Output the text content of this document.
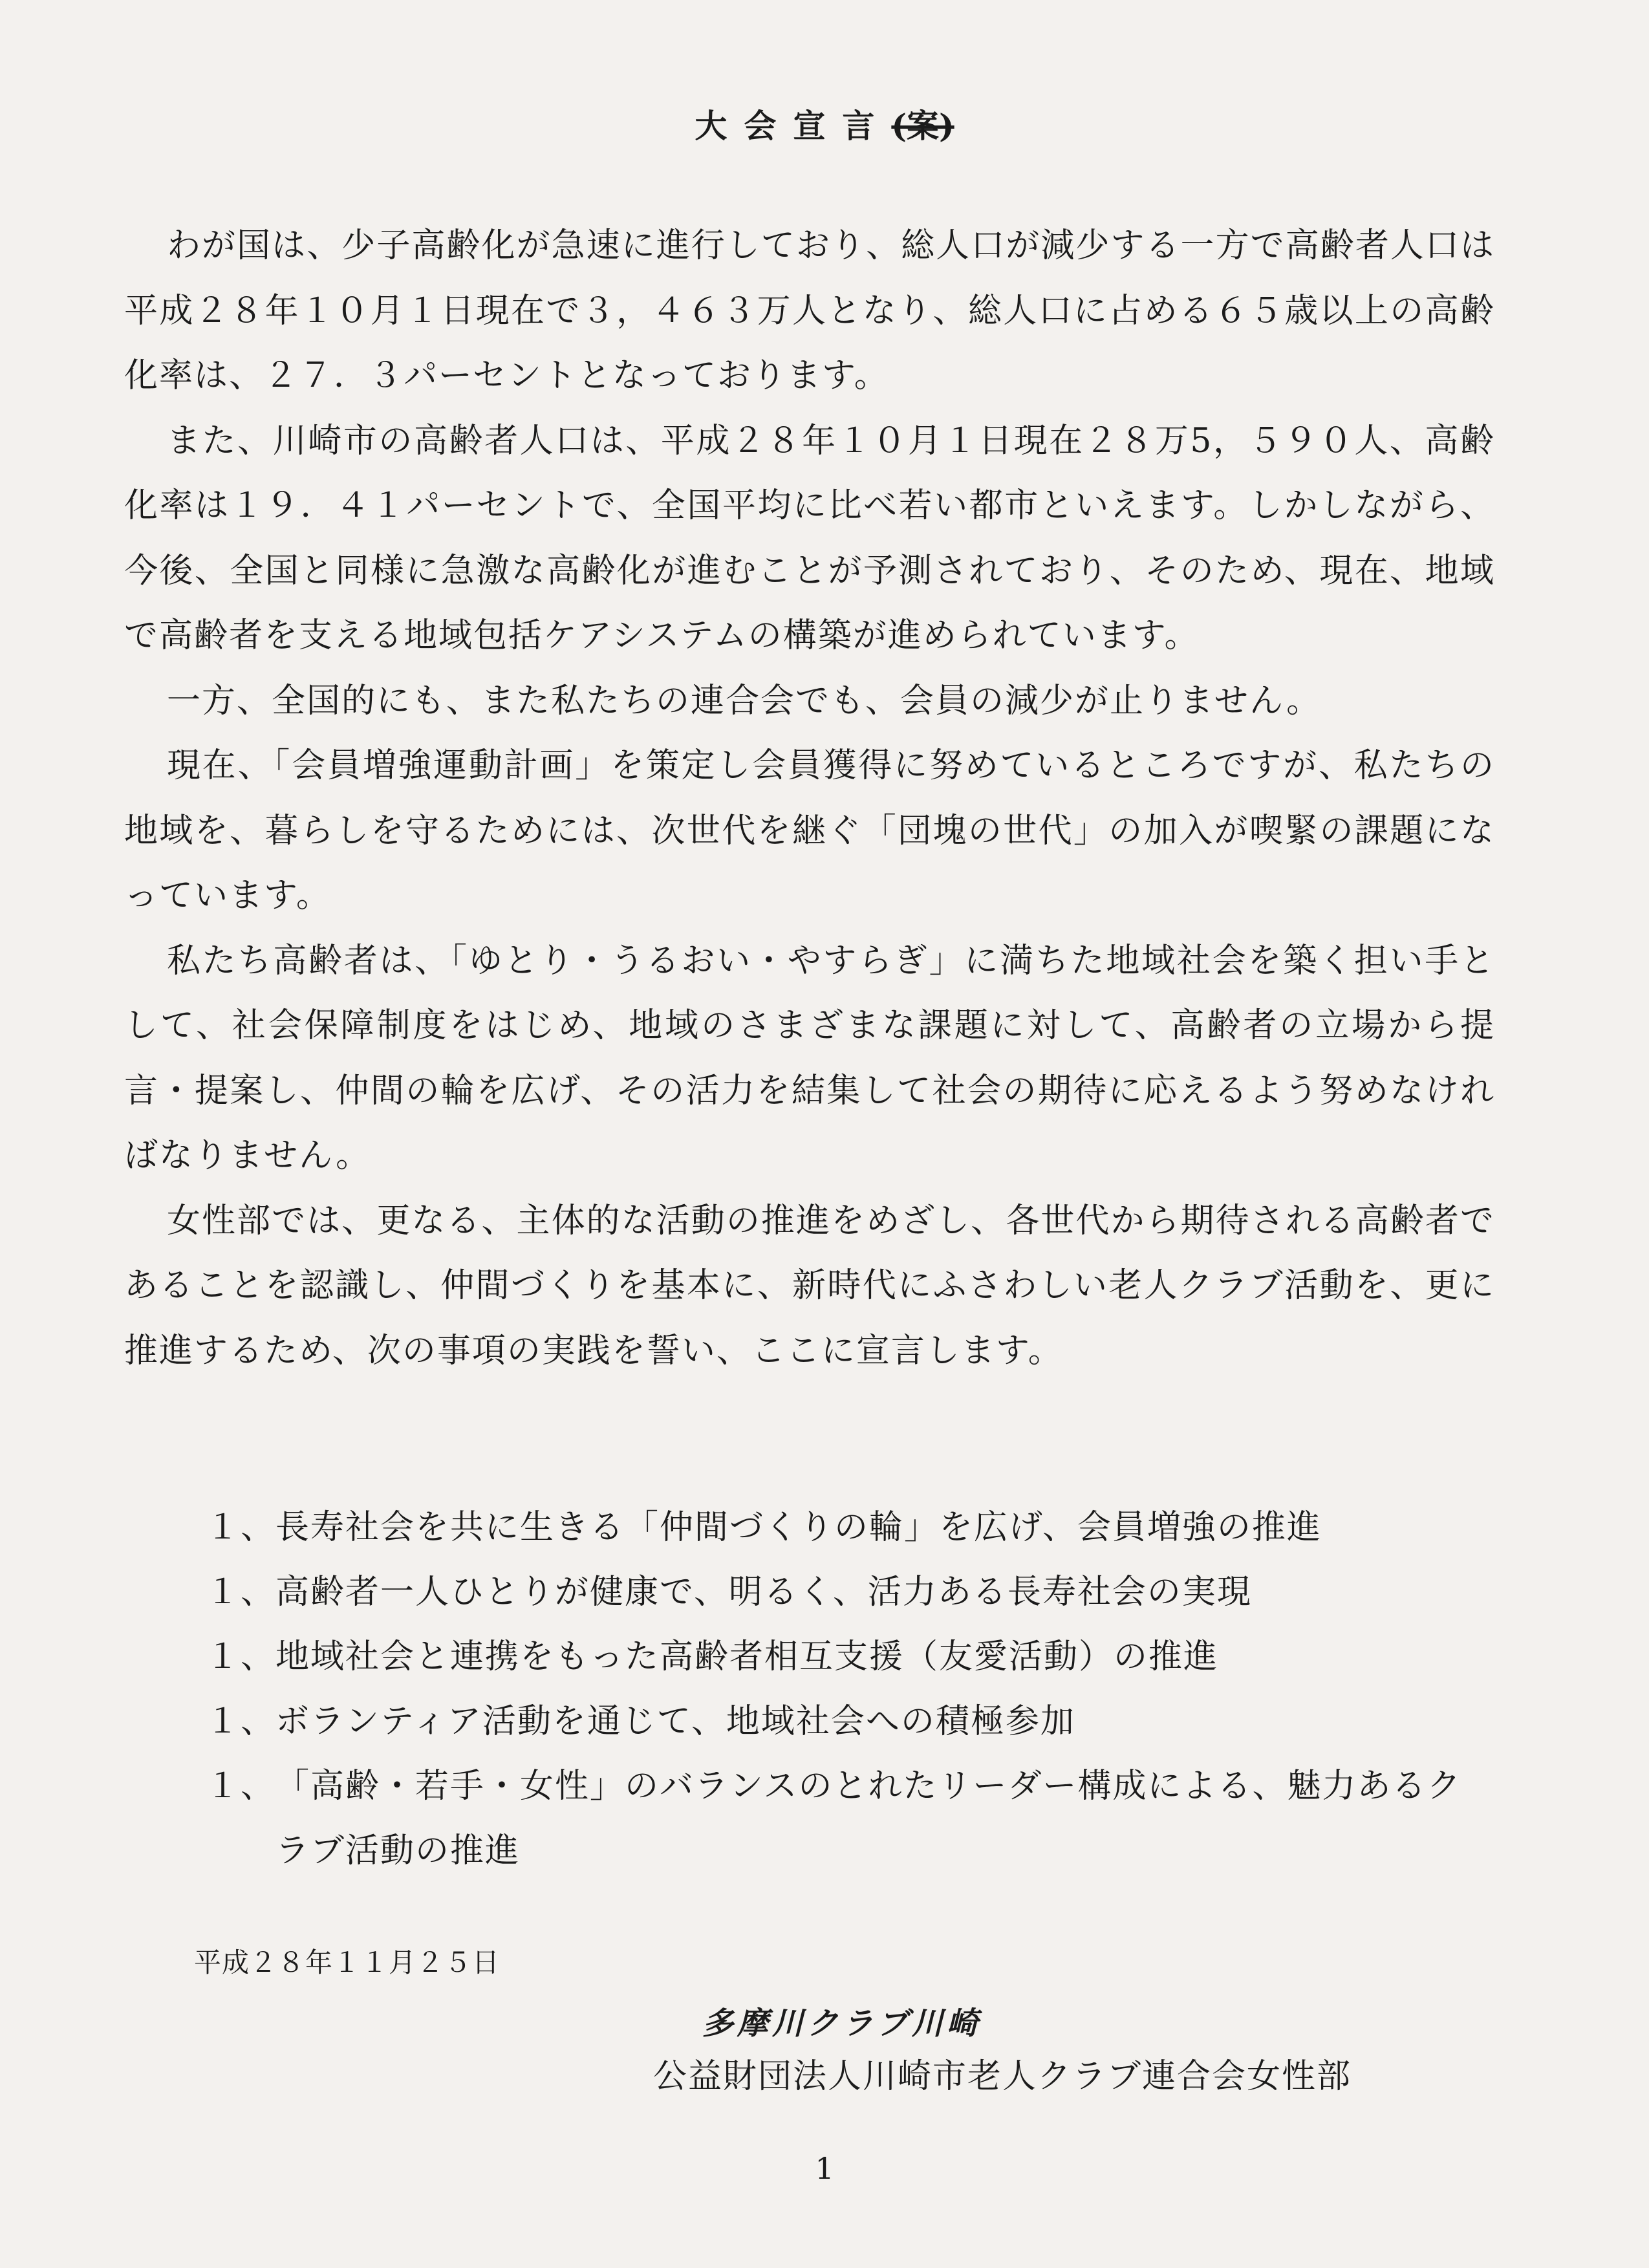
大会宣言(案)

わが国は、少子高齢化が急速に進行しており、総人口が減少する一方で高齢者人口は平成２８年１０月１日現在で３，４６３万人となり、総人口に占める６５歳以上の高齢化率は、２７．３パーセントとなっております。

また、川崎市の高齢者人口は、平成２８年１０月１日現在２８万5，５９０人、高齢化率は１９．４１パーセントで、全国平均に比べ若い都市といえます。しかしながら、今後、全国と同様に急激な高齢化が進むことが予測されており、そのため、現在、地域で高齢者を支える地域包括ケアシステムの構築が進められています。

一方、全国的にも、また私たちの連合会でも、会員の減少が止りません。

現在、「会員増強運動計画」を策定し会員獲得に努めているところですが、私たちの地域を、暮らしを守るためには、次世代を継ぐ「団塊の世代」の加入が喫緊の課題になっています。

私たち高齢者は、「ゆとり・うるおい・やすらぎ」に満ちた地域社会を築く担い手として、社会保障制度をはじめ、地域のさまざまな課題に対して、高齢者の立場から提言・提案し、仲間の輪を広げ、その活力を結集して社会の期待に応えるよう努めなければなりません。

女性部では、更なる、主体的な活動の推進をめざし、各世代から期待される高齢者であることを認識し、仲間づくりを基本に、新時代にふさわしい老人クラブ活動を、更に推進するため、次の事項の実践を誓い、ここに宣言します。

１、 長寿社会を共に生きる「仲間づくりの輪」を広げ、会員増強の推進
１、 高齢者一人ひとりが健康で、明るく、活力ある長寿社会の実現
１、 地域社会と連携をもった高齢者相互支援（友愛活動）の推進
１、 ボランティア活動を通じて、地域社会への積極参加
１、 「高齢・若手・女性」のバランスのとれたリーダー構成による、魅力あるクラブ活動の推進
平成２８年１１月２５日
多摩川クラブ川崎
公益財団法人川崎市老人クラブ連合会女性部
1
